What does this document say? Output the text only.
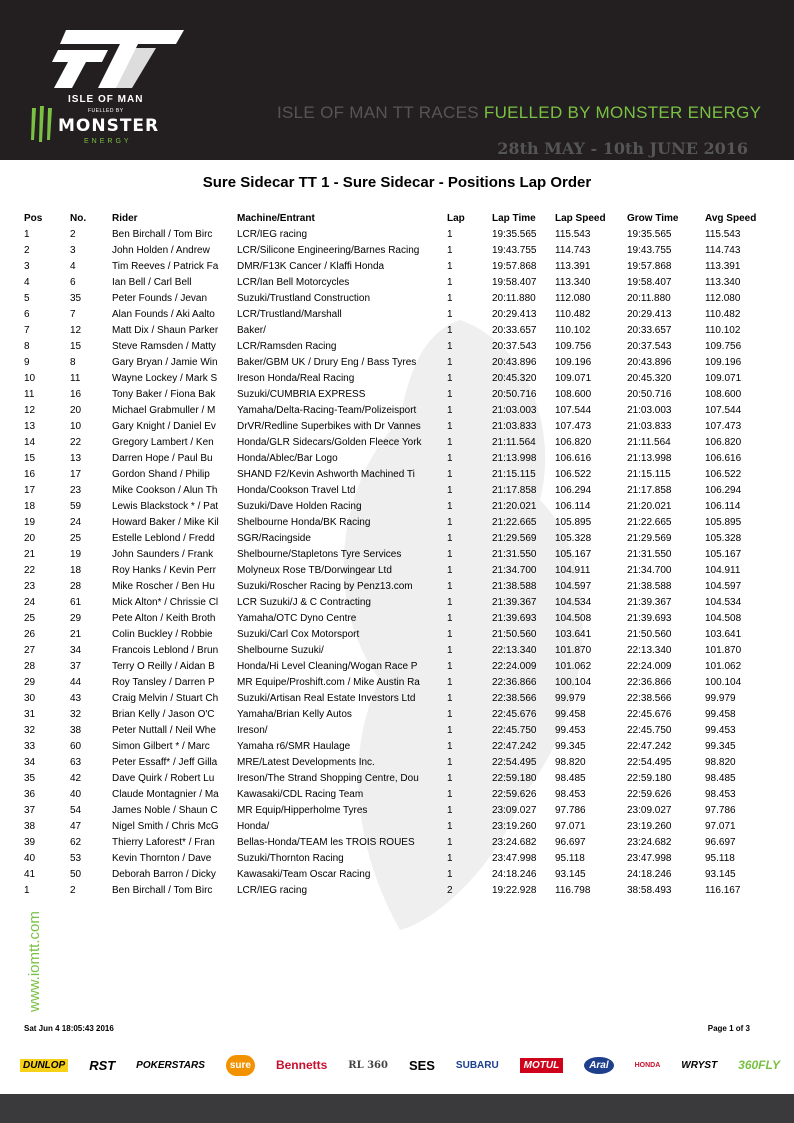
ISLE OF MAN
FUELLED BY
MONSTER
ENERGY
ISLE OF MAN TT RACES FUELLED BY MONSTER ENERGY
28th MAY - 10th JUNE 2016
Sure Sidecar TT 1 - Sure Sidecar - Positions Lap Order
Pos	No.	Rider	Machine/Entrant	Lap	Lap Time	Lap Speed	Grow Time	Avg Speed
1	2	Ben Birchall / Tom Birc	LCR/IEG racing	1	19:35.565	115.543	19:35.565	115.543
2	3	John Holden / Andrew	LCR/Silicone Engineering/Barnes Racing	1	19:43.755	114.743	19:43.755	114.743
3	4	Tim Reeves / Patrick Fa	DMR/F13K Cancer / Klaffi Honda	1	19:57.868	113.391	19:57.868	113.391
4	6	Ian Bell / Carl Bell	LCR/Ian Bell Motorcycles	1	19:58.407	113.340	19:58.407	113.340
5	35	Peter Founds / Jevan	Suzuki/Trustland Construction	1	20:11.880	112.080	20:11.880	112.080
6	7	Alan Founds / Aki Aalto	LCR/Trustland/Marshall	1	20:29.413	110.482	20:29.413	110.482
7	12	Matt Dix / Shaun Parker	Baker/	1	20:33.657	110.102	20:33.657	110.102
8	15	Steve Ramsden / Matty	LCR/Ramsden Racing	1	20:37.543	109.756	20:37.543	109.756
9	8	Gary Bryan / Jamie Win	Baker/GBM UK / Drury Eng / Bass Tyres	1	20:43.896	109.196	20:43.896	109.196
10	11	Wayne Lockey / Mark S	Ireson Honda/Real Racing	1	20:45.320	109.071	20:45.320	109.071
11	16	Tony Baker / Fiona Bak	Suzuki/CUMBRIA EXPRESS	1	20:50.716	108.600	20:50.716	108.600
12	20	Michael Grabmuller / M	Yamaha/Delta-Racing-Team/Polizeisport	1	21:03.003	107.544	21:03.003	107.544
13	10	Gary Knight / Daniel Ev	DrVR/Redline Superbikes with Dr Vannes	1	21:03.833	107.473	21:03.833	107.473
14	22	Gregory Lambert / Ken	Honda/GLR Sidecars/Golden Fleece York	1	21:11.564	106.820	21:11.564	106.820
15	13	Darren Hope / Paul Bu	Honda/Ablec/Bar Logo	1	21:13.998	106.616	21:13.998	106.616
16	17	Gordon Shand / Philip	SHAND F2/Kevin Ashworth Machined Ti	1	21:15.115	106.522	21:15.115	106.522
17	23	Mike Cookson / Alun Th	Honda/Cookson Travel Ltd	1	21:17.858	106.294	21:17.858	106.294
18	59	Lewis Blackstock * / Pat	Suzuki/Dave Holden Racing	1	21:20.021	106.114	21:20.021	106.114
19	24	Howard Baker / Mike Kil	Shelbourne Honda/BK Racing	1	21:22.665	105.895	21:22.665	105.895
20	25	Estelle Leblond / Fredd	SGR/Racingside	1	21:29.569	105.328	21:29.569	105.328
21	19	John Saunders / Frank	Shelbourne/Stapletons Tyre Services	1	21:31.550	105.167	21:31.550	105.167
22	18	Roy Hanks / Kevin Perr	Molyneux Rose TB/Dorwingear Ltd	1	21:34.700	104.911	21:34.700	104.911
23	28	Mike Roscher / Ben Hu	Suzuki/Roscher Racing by Penz13.com	1	21:38.588	104.597	21:38.588	104.597
24	61	Mick Alton* / Chrissie Cl	LCR Suzuki/J & C Contracting	1	21:39.367	104.534	21:39.367	104.534
25	29	Pete Alton / Keith Broth	Yamaha/OTC Dyno Centre	1	21:39.693	104.508	21:39.693	104.508
26	21	Colin Buckley / Robbie	Suzuki/Carl Cox Motorsport	1	21:50.560	103.641	21:50.560	103.641
27	34	Francois Leblond / Brun	Shelbourne Suzuki/	1	22:13.340	101.870	22:13.340	101.870
28	37	Terry O Reilly / Aidan B	Honda/Hi Level Cleaning/Wogan Race P	1	22:24.009	101.062	22:24.009	101.062
29	44	Roy Tansley / Darren P	MR Equipe/Proshift.com / Mike Austin Ra	1	22:36.866	100.104	22:36.866	100.104
30	43	Craig Melvin / Stuart Ch	Suzuki/Artisan Real Estate Investors Ltd	1	22:38.566	99.979	22:38.566	99.979
31	32	Brian Kelly / Jason O'C	Yamaha/Brian Kelly Autos	1	22:45.676	99.458	22:45.676	99.458
32	38	Peter Nuttall / Neil Whe	Ireson/	1	22:45.750	99.453	22:45.750	99.453
33	60	Simon Gilbert * / Marc	Yamaha r6/SMR Haulage	1	22:47.242	99.345	22:47.242	99.345
34	63	Peter Essaff* / Jeff Gilla	MRE/Latest Developments Inc.	1	22:54.495	98.820	22:54.495	98.820
35	42	Dave Quirk / Robert Lu	Ireson/The Strand Shopping Centre, Dou	1	22:59.180	98.485	22:59.180	98.485
36	40	Claude Montagnier / Ma	Kawasaki/CDL Racing Team	1	22:59.626	98.453	22:59.626	98.453
37	54	James Noble / Shaun C	MR Equip/Hipperholme Tyres	1	23:09.027	97.786	23:09.027	97.786
38	47	Nigel Smith / Chris McG	Honda/	1	23:19.260	97.071	23:19.260	97.071
39	62	Thierry Laforest* / Fran	Bellas-Honda/TEAM les TROIS ROUES	1	23:24.682	96.697	23:24.682	96.697
40	53	Kevin Thornton / Dave	Suzuki/Thornton Racing	1	23:47.998	95.118	23:47.998	95.118
41	50	Deborah Barron / Dicky	Kawasaki/Team Oscar Racing	1	24:18.246	93.145	24:18.246	93.145
1	2	Ben Birchall / Tom Birc	LCR/IEG racing	2	19:22.928	116.798	38:58.493	116.167
www.iomtt.com
Sat Jun 4 18:05:43 2016	Page 1 of 3
DUNLOP RST POKERSTARS	sure	Bennetts RL 360 SES SUBARU	MOTUL	Aral	HONDA WRYST 360FLY
